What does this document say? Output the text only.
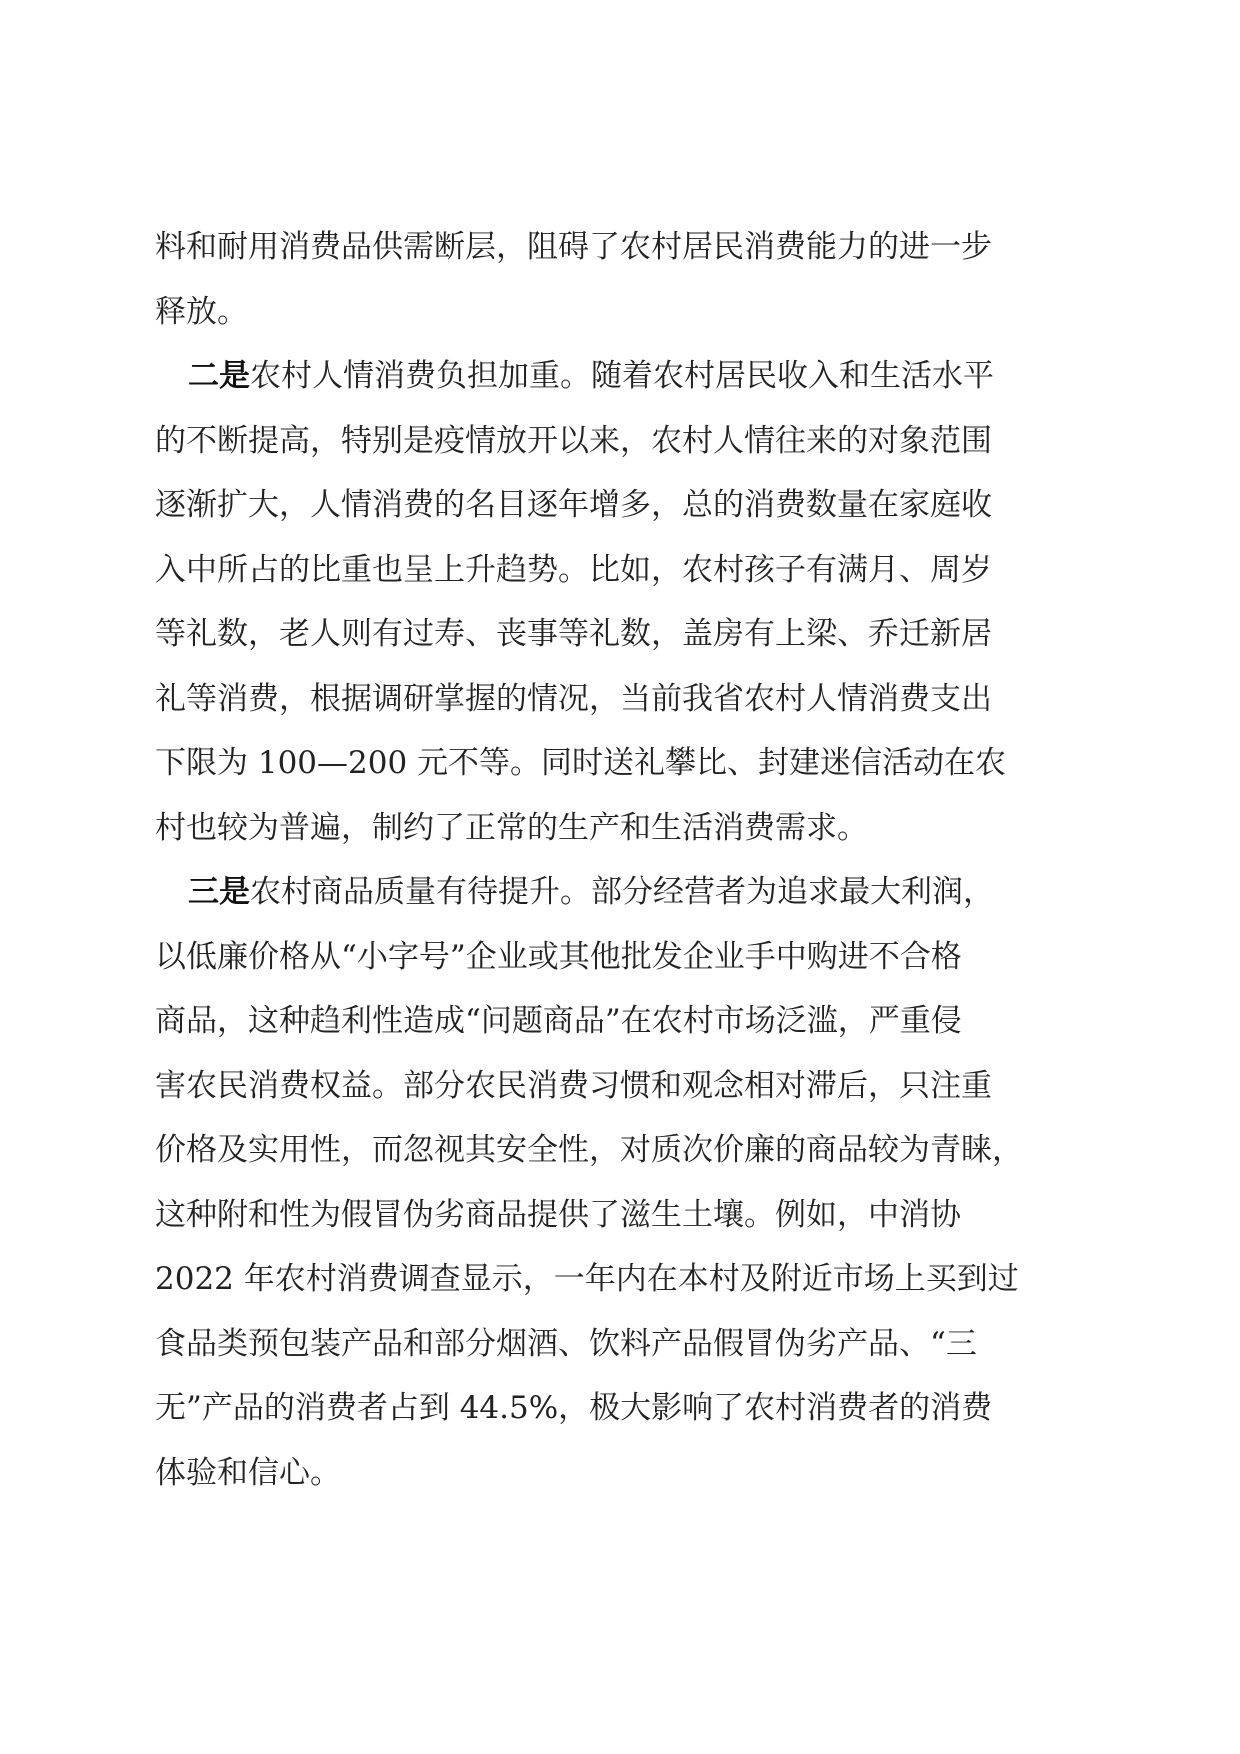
料和耐用消费品供需断层，阻碍了农村居民消费能力的进一步
释放。
二是农村人情消费负担加重。随着农村居民收入和生活水平
的不断提高，特别是疫情放开以来，农村人情往来的对象范围
逐渐扩大，人情消费的名目逐年增多，总的消费数量在家庭收
入中所占的比重也呈上升趋势。比如，农村孩子有满月、周岁
等礼数，老人则有过寿、丧事等礼数，盖房有上梁、乔迁新居
礼等消费，根据调研掌握的情况，当前我省农村人情消费支出
下限为 100—200 元不等。同时送礼攀比、封建迷信活动在农
村也较为普遍，制约了正常的生产和生活消费需求。
三是农村商品质量有待提升。部分经营者为追求最大利润，
以低廉价格从“小字号”企业或其他批发企业手中购进不合格
商品，这种趋利性造成“问题商品”在农村市场泛滥，严重侵
害农民消费权益。部分农民消费习惯和观念相对滞后，只注重
价格及实用性，而忽视其安全性，对质次价廉的商品较为青睐，
这种附和性为假冒伪劣商品提供了滋生土壤。例如，中消协
2022 年农村消费调查显示，一年内在本村及附近市场上买到过
食品类预包装产品和部分烟酒、饮料产品假冒伪劣产品、“三
无”产品的消费者占到 44.5%，极大影响了农村消费者的消费
体验和信心。
